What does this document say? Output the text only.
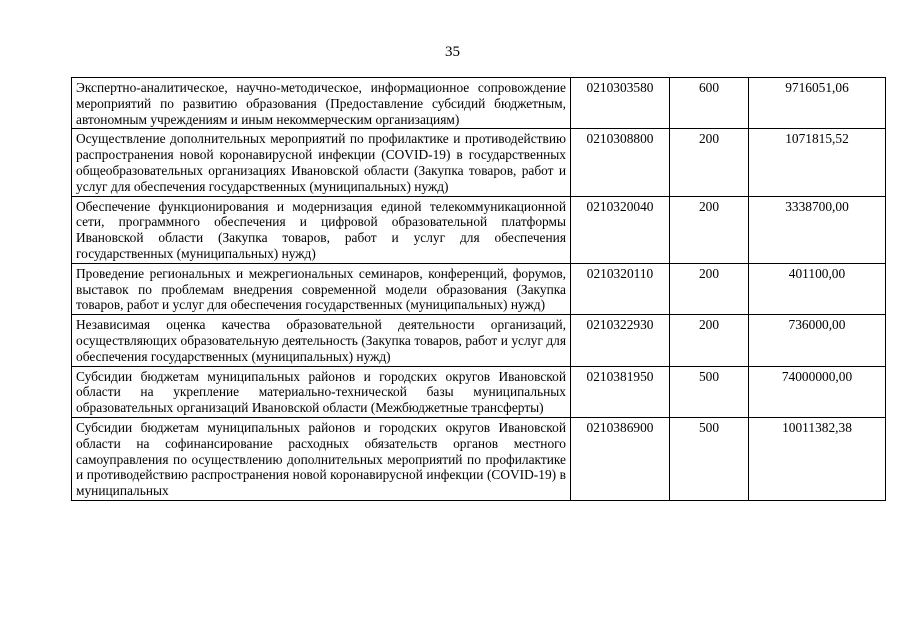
35
Экспертно-аналитическое, научно-методическое, информационное сопровождение мероприятий по развитию образования (Предоставление субсидий бюджетным, автономным учреждениям и иным некоммерческим организациям)	0210303580	600	9716051,06
Осуществление дополнительных мероприятий по профилактике и противодействию распространения новой коронавирусной инфекции (COVID-19) в государственных общеобразовательных организациях Ивановской области (Закупка товаров, работ и услуг для обеспечения государственных (муниципальных) нужд)	0210308800	200	1071815,52
Обеспечение функционирования и модернизация единой телекоммуникационной сети, программного обеспечения и цифровой образовательной платформы Ивановской области (Закупка товаров, работ и услуг для обеспечения государственных (муниципальных) нужд)	0210320040	200	3338700,00
Проведение региональных и межрегиональных семинаров, конференций, форумов, выставок по проблемам внедрения современной модели образования (Закупка товаров, работ и услуг для обеспечения государственных (муниципальных) нужд)	0210320110	200	401100,00
Независимая оценка качества образовательной деятельности организаций, осуществляющих образовательную деятельность (Закупка товаров, работ и услуг для обеспечения государственных (муниципальных) нужд)	0210322930	200	736000,00
Субсидии бюджетам муниципальных районов и городских округов Ивановской области на укрепление материально-технической базы муниципальных образовательных организаций Ивановской области (Межбюджетные трансферты)	0210381950	500	74000000,00
Субсидии бюджетам муниципальных районов и городских округов Ивановской области на софинансирование расходных обязательств органов местного самоуправления по осуществлению дополнительных мероприятий по профилактике и противодействию распространения новой коронавирусной инфекции (COVID-19) в муниципальных	0210386900	500	10011382,38
